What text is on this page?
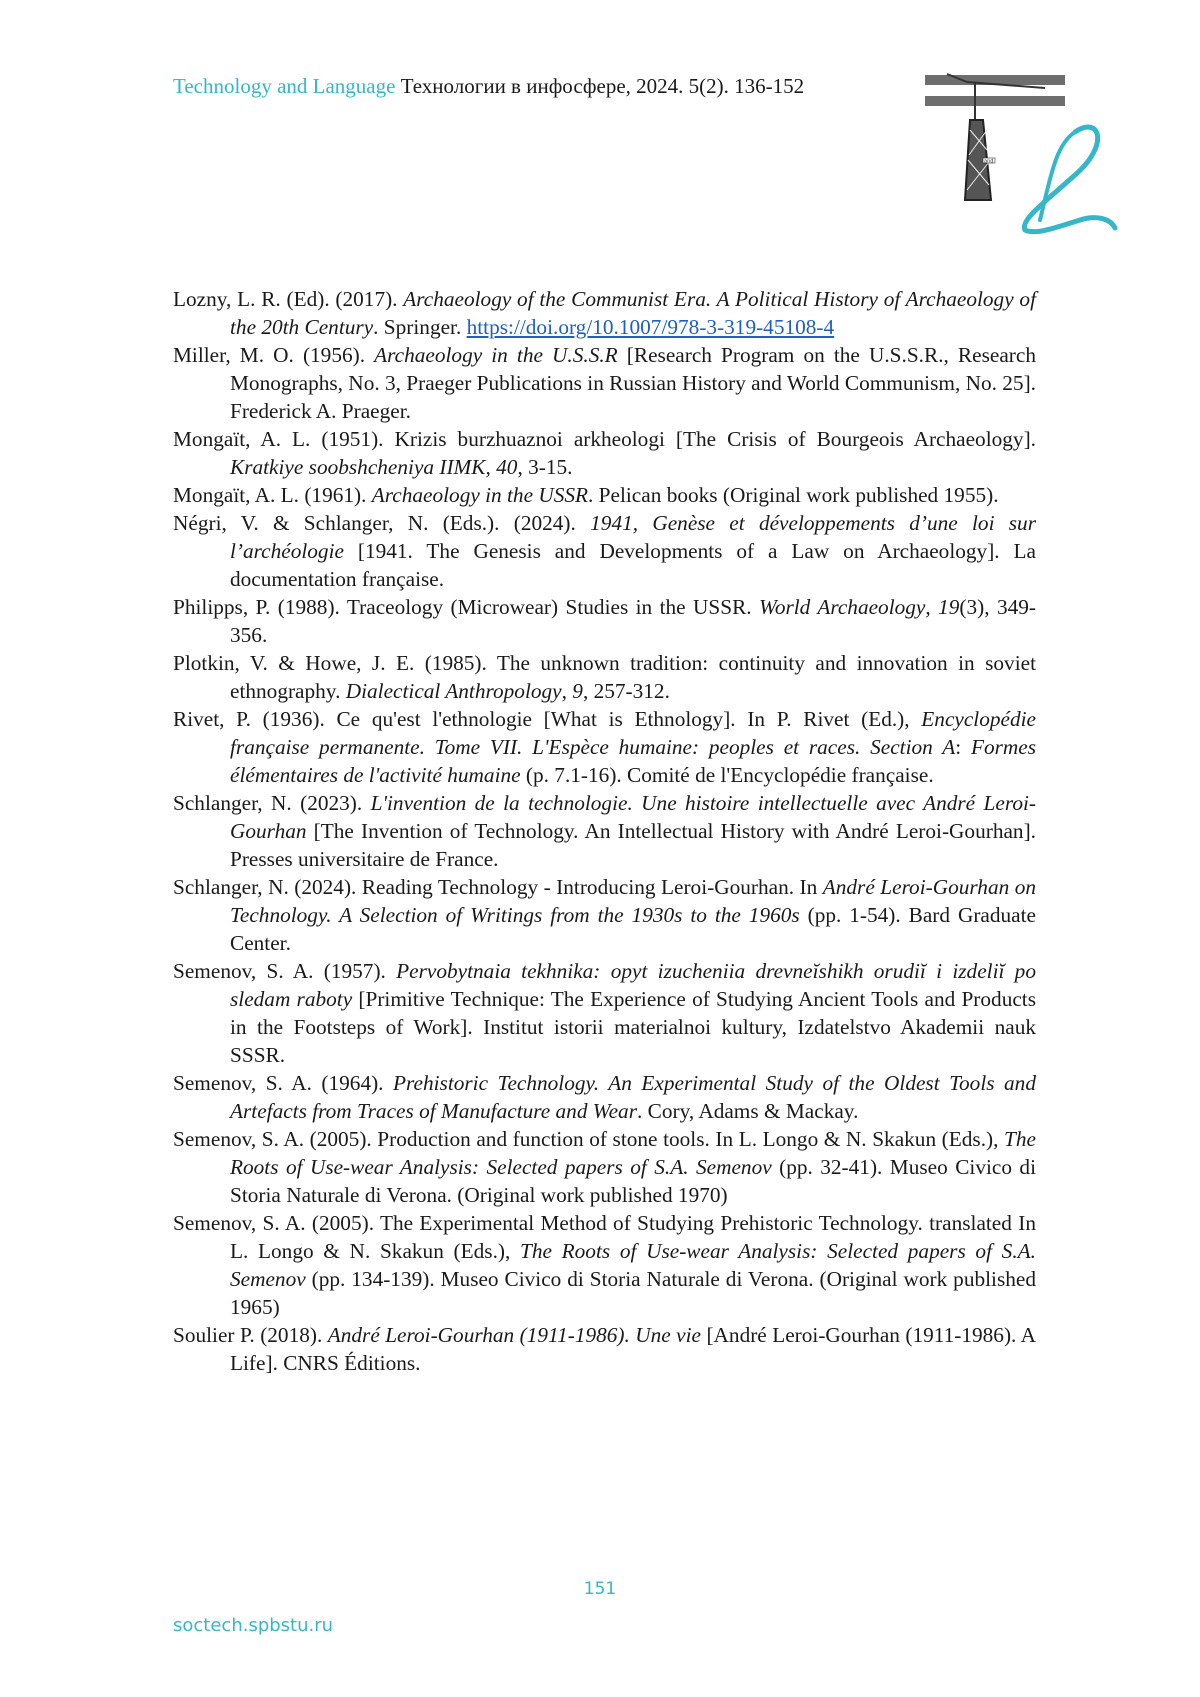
Technology and Language Технологии в инфосфере, 2024. 5(2). 136-152
and
Lozny, L. R. (Ed). (2017). Archaeology of the Communist Era. A Political History of Archaeology of the 20th Century. Springer. https://doi.org/10.1007/978-3-319-45108-4
Miller, M. O. (1956). Archaeology in the U.S.S.R [Research Program on the U.S.S.R., Research Monographs, No. 3, Praeger Publications in Russian History and World Communism, No. 25]. Frederick A. Praeger.
Mongaït, A. L. (1951). Krizis burzhuaznoi arkheologi [The Crisis of Bourgeois Archaeology]. Kratkiye soobshcheniya IIMK, 40, 3-15.
Mongaït, A. L. (1961). Archaeology in the USSR. Pelican books (Original work published 1955).
Négri, V. & Schlanger, N. (Eds.). (2024). 1941, Genèse et développements d’une loi sur l’archéologie [1941. The Genesis and Developments of a Law on Archaeology]. La documentation française.
Philipps, P. (1988). Traceology (Microwear) Studies in the USSR. World Archaeology, 19(3), 349-356.
Plotkin, V. & Howe, J. E. (1985). The unknown tradition: continuity and innovation in soviet ethnography. Dialectical Anthropology, 9, 257-312.
Rivet, P. (1936). Ce qu'est l'ethnologie [What is Ethnology]. In P. Rivet (Ed.), Encyclopédie française permanente. Tome VII. L'Espèce humaine: peoples et races. Section A: Formes élémentaires de l'activité humaine (p. 7.1-16). Comité de l'Encyclopédie française.
Schlanger, N. (2023). L'invention de la technologie. Une histoire intellectuelle avec André Leroi-Gourhan [The Invention of Technology. An Intellectual History with André Leroi-Gourhan]. Presses universitaire de France.
Schlanger, N. (2024). Reading Technology - Introducing Leroi-Gourhan. In André Leroi-Gourhan on Technology. A Selection of Writings from the 1930s to the 1960s (pp. 1-54). Bard Graduate Center.
Semenov, S. A. (1957). Pervobytnaia tekhnika: opyt izucheniia drevneĭshikh orudiĭ i izdeliĭ po sledam raboty [Primitive Technique: The Experience of Studying Ancient Tools and Products in the Footsteps of Work]. Institut istorii materialnoi kultury, Izdatelstvo Akademii nauk SSSR.
Semenov, S. A. (1964). Prehistoric Technology. An Experimental Study of the Oldest Tools and Artefacts from Traces of Manufacture and Wear. Cory, Adams & Mackay.
Semenov, S. A. (2005). Production and function of stone tools. In L. Longo & N. Skakun (Eds.), The Roots of Use-wear Analysis: Selected papers of S.A. Semenov (pp. 32-41). Museo Civico di Storia Naturale di Verona. (Original work published 1970)
Semenov, S. A. (2005). The Experimental Method of Studying Prehistoric Technology. translated In L. Longo & N. Skakun (Eds.), The Roots of Use-wear Analysis: Selected papers of S.A. Semenov (pp. 134-139). Museo Civico di Storia Naturale di Verona. (Original work published 1965)
Soulier P. (2018). André Leroi-Gourhan (1911-1986). Une vie [André Leroi-Gourhan (1911-1986). A Life]. CNRS Éditions.
151
soctech.spbstu.ru
